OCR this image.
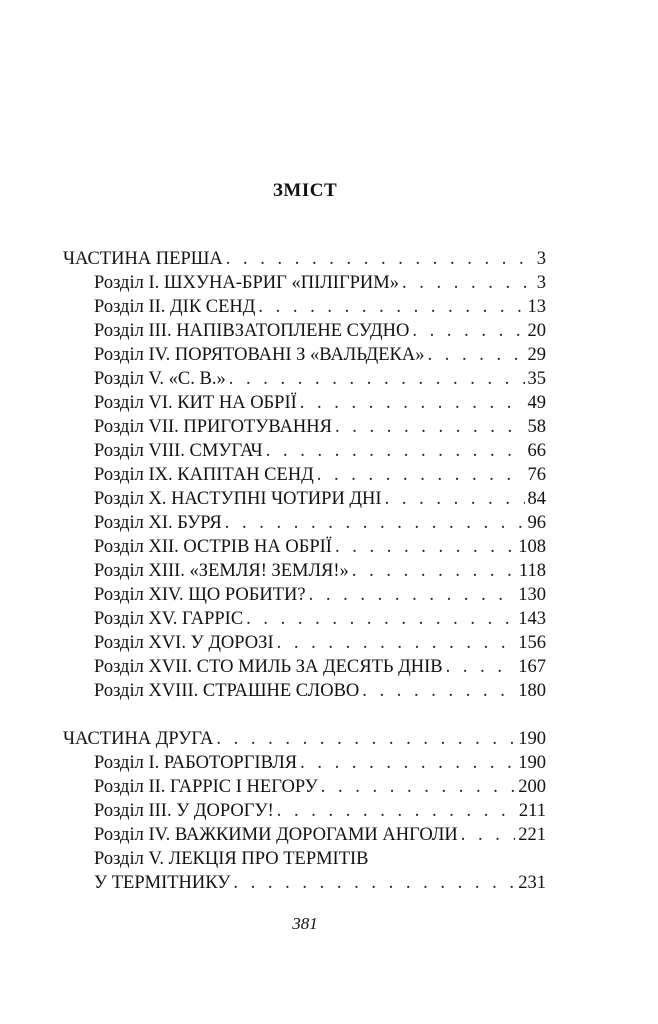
ЗМІСТ
ЧАСТИНА ПЕРША . . .	3
Розділ I. ШХУНА-БРИГ «ПІЛІГРИМ» . . .	3
Розділ II. ДІК СЕНД . . .	13
Розділ III. НАПІВЗАТОПЛЕНЕ СУДНО . . .	20
Розділ IV. ПОРЯТОВАНІ З «ВАЛЬДЕКА» . . .	29
Розділ V. «С. В.» . . .	35
Розділ VI. КИТ НА ОБРІЇ . . .	49
Розділ VII. ПРИГОТУВАННЯ . . .	58
Розділ VIII. СМУГАЧ . . .	66
Розділ IX. КАПІТАН СЕНД . . .	76
Розділ X. НАСТУПНІ ЧОТИРИ ДНІ . . .	84
Розділ XI. БУРЯ . . .	96
Розділ XII. ОСТРІВ НА ОБРІЇ . . .	108
Розділ XIII. «ЗЕМЛЯ! ЗЕМЛЯ!» . . .	118
Розділ XIV. ЩО РОБИТИ? . . .	130
Розділ XV. ГАРРІС . . .	143
Розділ XVI. У ДОРОЗІ . . .	156
Розділ XVII. СТО МИЛЬ ЗА ДЕСЯТЬ ДНІВ . . .	167
Розділ XVIII. СТРАШНЕ СЛОВО . . .	180
ЧАСТИНА ДРУГА . . .	190
Розділ I. РАБОТОРГІВЛЯ . . .	190
Розділ II. ГАРРІС І НЕГОРУ . . .	200
Розділ III. У ДОРОГУ! . . .	211
Розділ IV. ВАЖКИМИ ДОРОГАМИ АНГОЛИ . . .	221
Розділ V. ЛЕКЦІЯ ПРО ТЕРМІТІВ
У ТЕРМІТНИКУ . . .	231
381
